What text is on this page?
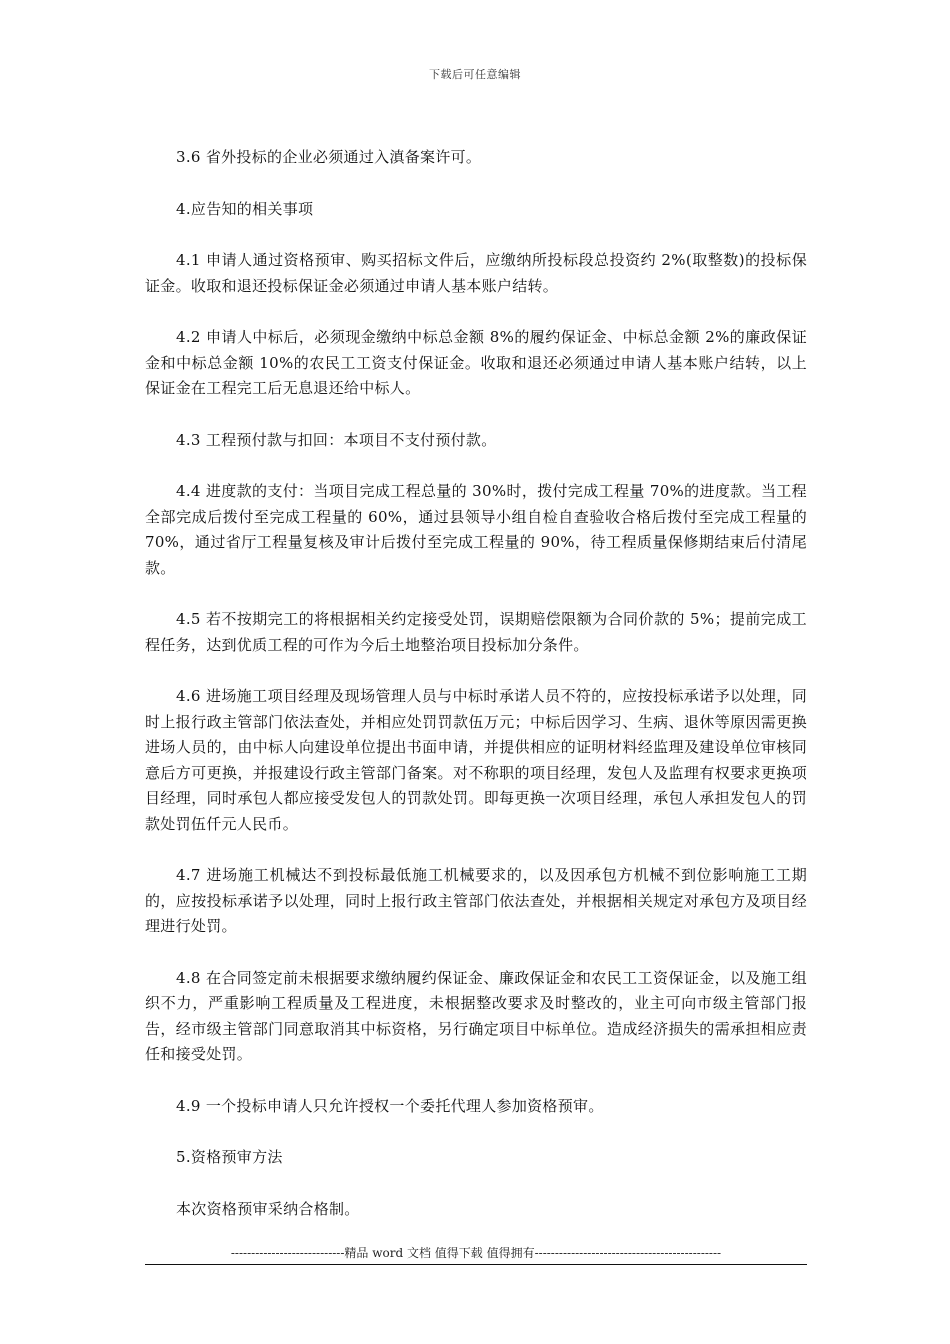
下载后可任意编辑

3.6 省外投标的企业必须通过入滇备案许可。

4.应告知的相关事项

4.1 申请人通过资格预审、购买招标文件后，应缴纳所投标段总投资约 2%(取整数)的投标保证金。收取和退还投标保证金必须通过申请人基本账户结转。

4.2 申请人中标后，必须现金缴纳中标总金额 8%的履约保证金、中标总金额 2%的廉政保证金和中标总金额 10%的农民工工资支付保证金。收取和退还必须通过申请人基本账户结转，以上保证金在工程完工后无息退还给中标人。

4.3 工程预付款与扣回：本项目不支付预付款。

4.4 进度款的支付：当项目完成工程总量的 30%时，拨付完成工程量 70%的进度款。当工程全部完成后拨付至完成工程量的 60%，通过县领导小组自检自查验收合格后拨付至完成工程量的 70%，通过省厅工程量复核及审计后拨付至完成工程量的 90%，待工程质量保修期结束后付清尾款。

4.5 若不按期完工的将根据相关约定接受处罚，误期赔偿限额为合同价款的 5%；提前完成工程任务，达到优质工程的可作为今后土地整治项目投标加分条件。

4.6 进场施工项目经理及现场管理人员与中标时承诺人员不符的，应按投标承诺予以处理，同时上报行政主管部门依法查处，并相应处罚罚款伍万元；中标后因学习、生病、退休等原因需更换进场人员的，由中标人向建设单位提出书面申请，并提供相应的证明材料经监理及建设单位审核同意后方可更换，并报建设行政主管部门备案。对不称职的项目经理，发包人及监理有权要求更换项目经理，同时承包人都应接受发包人的罚款处罚。即每更换一次项目经理，承包人承担发包人的罚款处罚伍仟元人民币。

4.7 进场施工机械达不到投标最低施工机械要求的，以及因承包方机械不到位影响施工工期的，应按投标承诺予以处理，同时上报行政主管部门依法查处，并根据相关规定对承包方及项目经理进行处罚。

4.8 在合同签定前未根据要求缴纳履约保证金、廉政保证金和农民工工资保证金，以及施工组织不力，严重影响工程质量及工程进度，未根据整改要求及时整改的，业主可向市级主管部门报告，经市级主管部门同意取消其中标资格，另行确定项目中标单位。造成经济损失的需承担相应责任和接受处罚。

4.9 一个投标申请人只允许授权一个委托代理人参加资格预审。

5.资格预审方法

本次资格预审采纳合格制。

----------------------------精品 word 文档 值得下载 值得拥有----------------------------------------------
